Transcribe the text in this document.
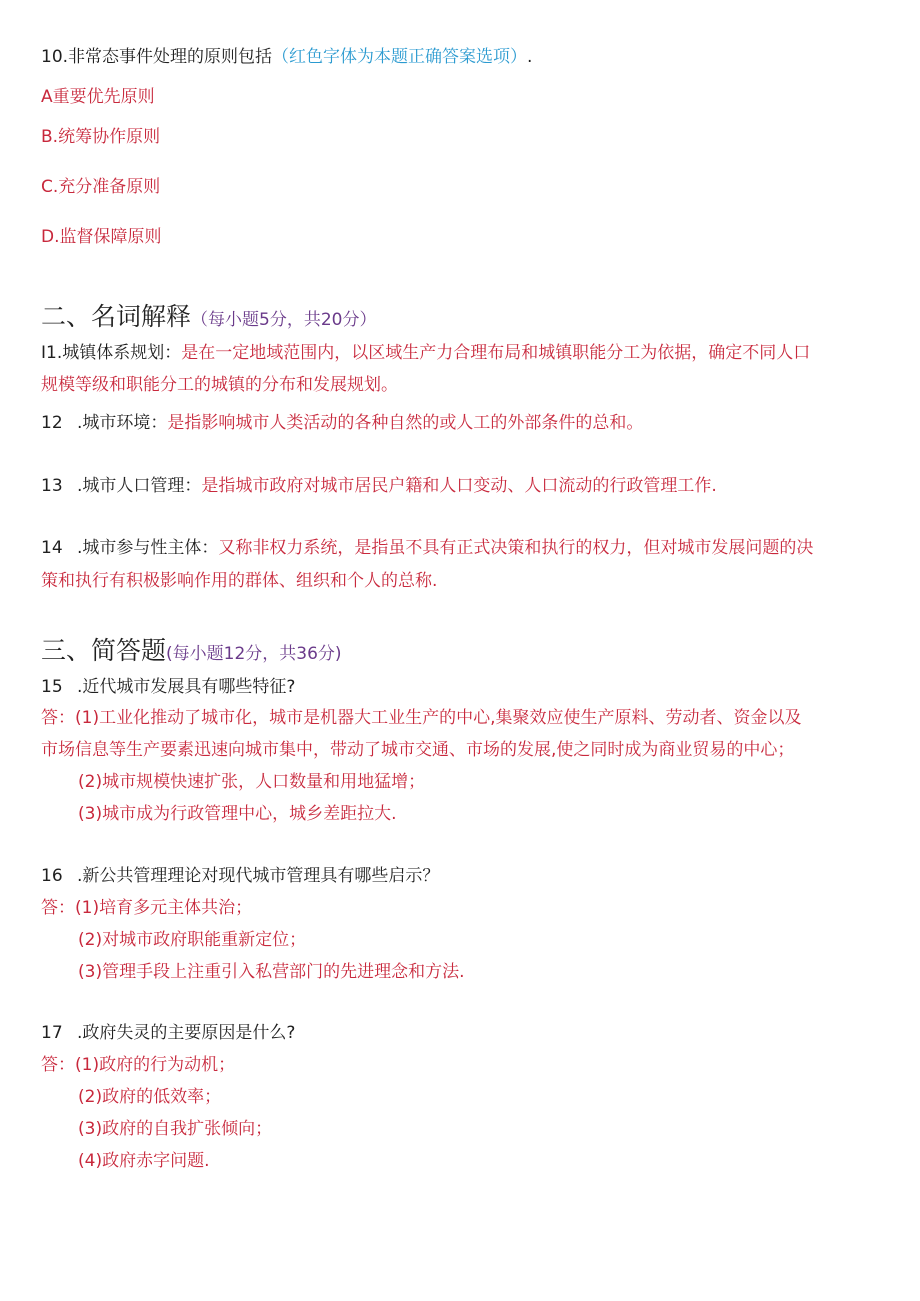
10.非常态事件处理的原则包括（红色字体为本题正确答案选项）.
A重要优先原则
B.统筹协作原则
C.充分准备原则
D.监督保障原则
二、名词解释（每小题5分，共20分）
I1.城镇体系规划：是在一定地域范围内，以区域生产力合理布局和城镇职能分工为依据，确定不同人口
规模等级和职能分工的城镇的分布和发展规划。
12 .城市环境：是指影响城市人类活动的各种自然的或人工的外部条件的总和。
13 .城市人口管理：是指城市政府对城市居民户籍和人口变动、人口流动的行政管理工作.
14 .城市参与性主体：又称非权力系统，是指虽不具有正式决策和执行的权力，但对城市发展问题的决
策和执行有积极影响作用的群体、组织和个人的总称.
三、简答题(每小题12分，共36分)
15 .近代城市发展具有哪些特征?
答：(1)工业化推动了城市化，城市是机器大工业生产的中心,集聚效应使生产原料、劳动者、资金以及
市场信息等生产要素迅速向城市集中，带动了城市交通、市场的发展,使之同时成为商业贸易的中心；
(2)城市规模快速扩张，人口数量和用地猛增；
(3)城市成为行政管理中心，城乡差距拉大.
16 .新公共管理理论对现代城市管理具有哪些启示？
答：(1)培育多元主体共治；
(2)对城市政府职能重新定位；
(3)管理手段上注重引入私营部门的先进理念和方法.
17 .政府失灵的主要原因是什么?
答：(1)政府的行为动机；
(2)政府的低效率；
(3)政府的自我扩张倾向；
(4)政府赤字问题.
